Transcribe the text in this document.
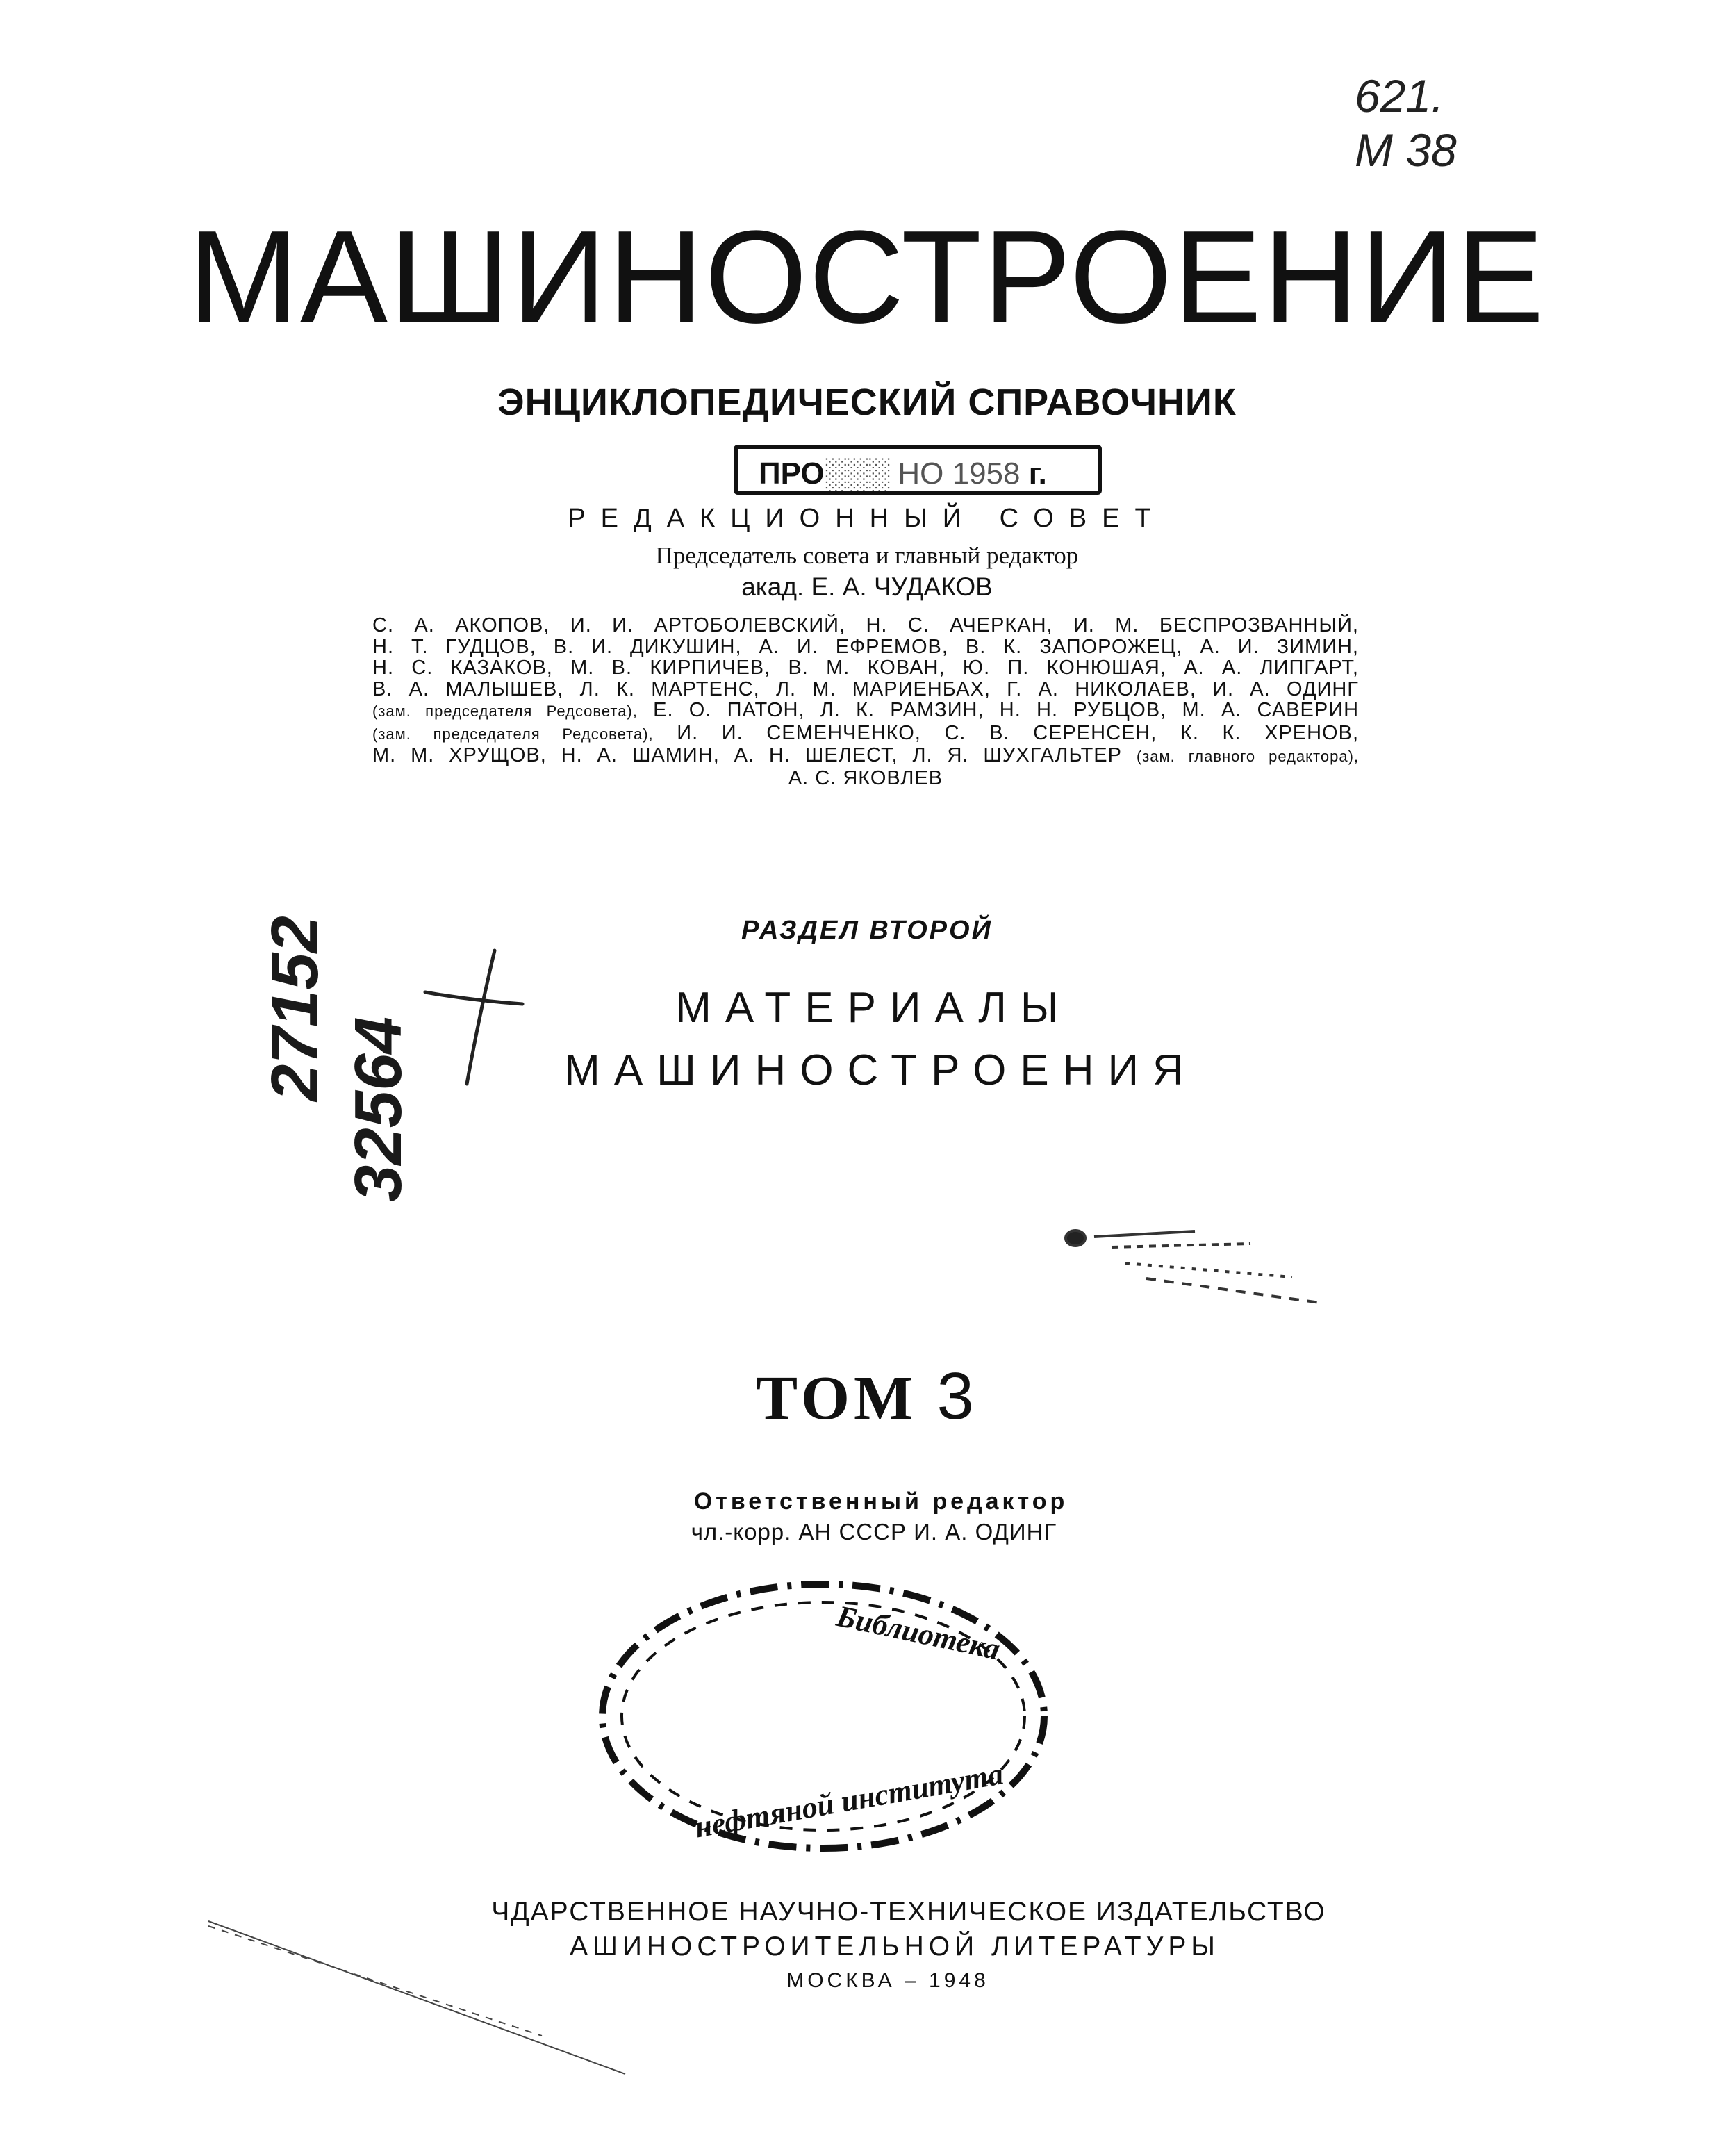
621.
М 38
МАШИНОСТРОЕНИЕ
ЭНЦИКЛОПЕДИЧЕСКИЙ СПРАВОЧНИК
ПРО░░░ НО 1958 г.
РЕДАКЦИОННЫЙ СОВЕТ
Председатель совета и главный редактор
акад. Е. А. ЧУДАКОВ
С. А. АКОПОВ, И. И. АРТОБОЛЕВСКИЙ, Н. С. АЧЕРКАН, И. М. БЕСПРОЗВАННЫЙ,
Н. Т. ГУДЦОВ, В. И. ДИКУШИН, А. И. ЕФРЕМОВ, В. К. ЗАПОРОЖЕЦ, А. И. ЗИМИН,
Н. С. КАЗАКОВ, М. В. КИРПИЧЕВ, В. М. КОВАН, Ю. П. КОНЮШАЯ, А. А. ЛИПГАРТ,
В. А. МАЛЫШЕВ, Л. К. МАРТЕНС, Л. М. МАРИЕНБАХ, Г. А. НИКОЛАЕВ, И. А. ОДИНГ
(зам. председателя Редсовета), Е. О. ПАТОН, Л. К. РАМЗИН, Н. Н. РУБЦОВ, М. А. САВЕРИН
(зам. председателя Редсовета), И. И. СЕМЕНЧЕНКО, С. В. СЕРЕНСЕН, К. К. ХРЕНОВ,
М. М. ХРУЩОВ, Н. А. ШАМИН, А. Н. ШЕЛЕСТ, Л. Я. ШУХГАЛЬТЕР (зам. главного редактора),
А. С. ЯКОВЛЕВ
27152
32564
РАЗДЕЛ ВТОРОЙ
МАТЕРИАЛЫ
МАШИНОСТРОЕНИЯ
ТОМ 3
Ответственный редактор
чл.-корр. АН СССР И. А. ОДИНГ
ЧДАРСТВЕННОЕ НАУЧНО-ТЕХНИЧЕСКОЕ ИЗДАТЕЛЬСТВО
АШИНОСТРОИТЕЛЬНОЙ ЛИТЕРАТУРЫ
МОСКВА – 1948
Библиотека
нефтяной института
